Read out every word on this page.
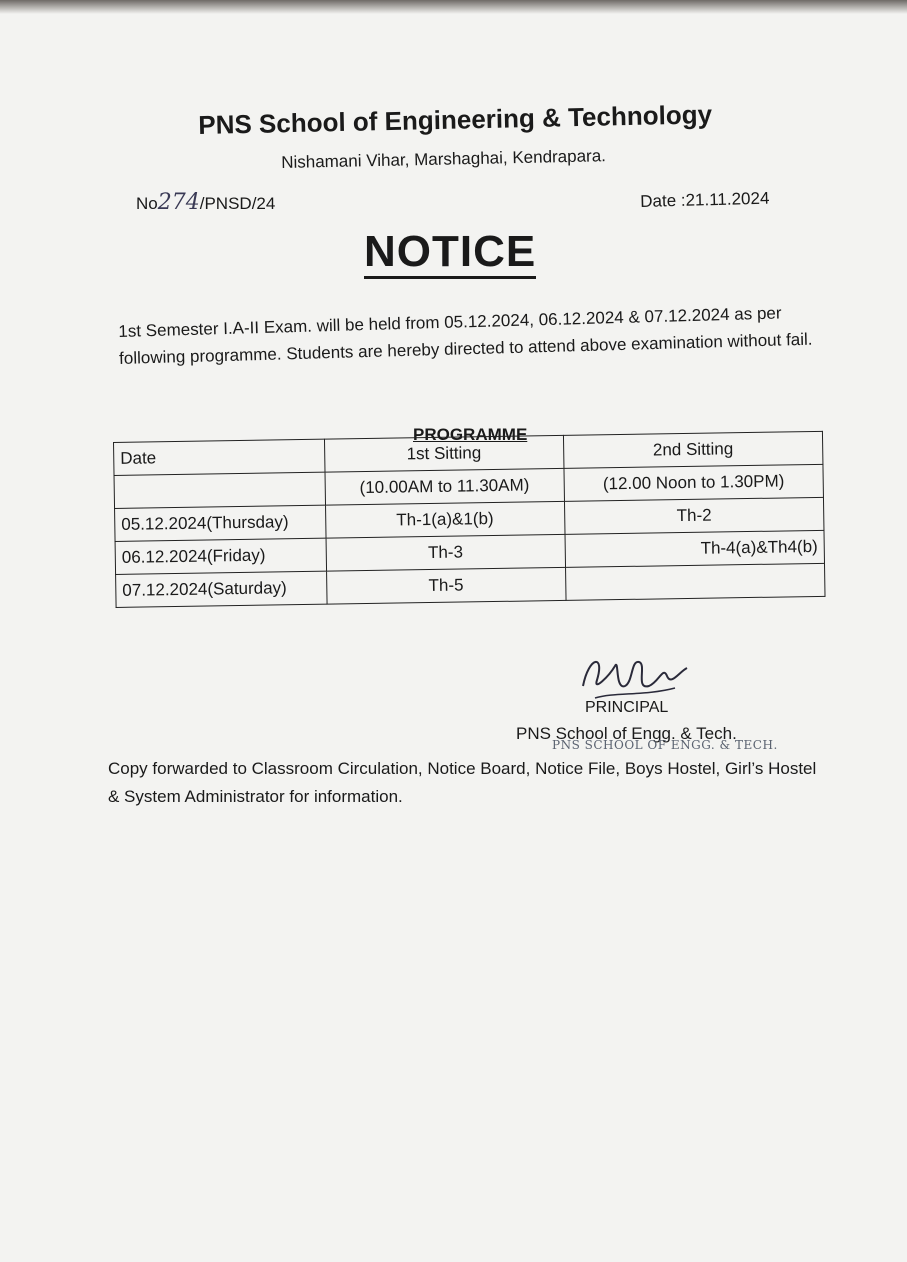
PNS School of Engineering & Technology
Nishamani Vihar, Marshaghai, Kendrapara.
No274/PNSD/24	Date :21.11.2024
NOTICE
1st Semester I.A-II Exam. will be held from 05.12.2024, 06.12.2024 & 07.12.2024 as per following programme. Students are hereby directed to attend above examination without fail.
PROGRAMME
Date	1st Sitting	2nd Sitting
	(10.00AM to 11.30AM)	(12.00 Noon to 1.30PM)
05.12.2024(Thursday)	Th-1(a)&1(b)	Th-2
06.12.2024(Friday)	Th-3	Th-4(a)&Th4(b)
07.12.2024(Saturday)	Th-5	
PRINCIPAL
PNS School of Engg. & Tech.
PNS SCHOOL OF ENGG. & TECH.
Copy forwarded to Classroom Circulation, Notice Board, Notice File, Boys Hostel, Girl’s Hostel & System Administrator for information.
